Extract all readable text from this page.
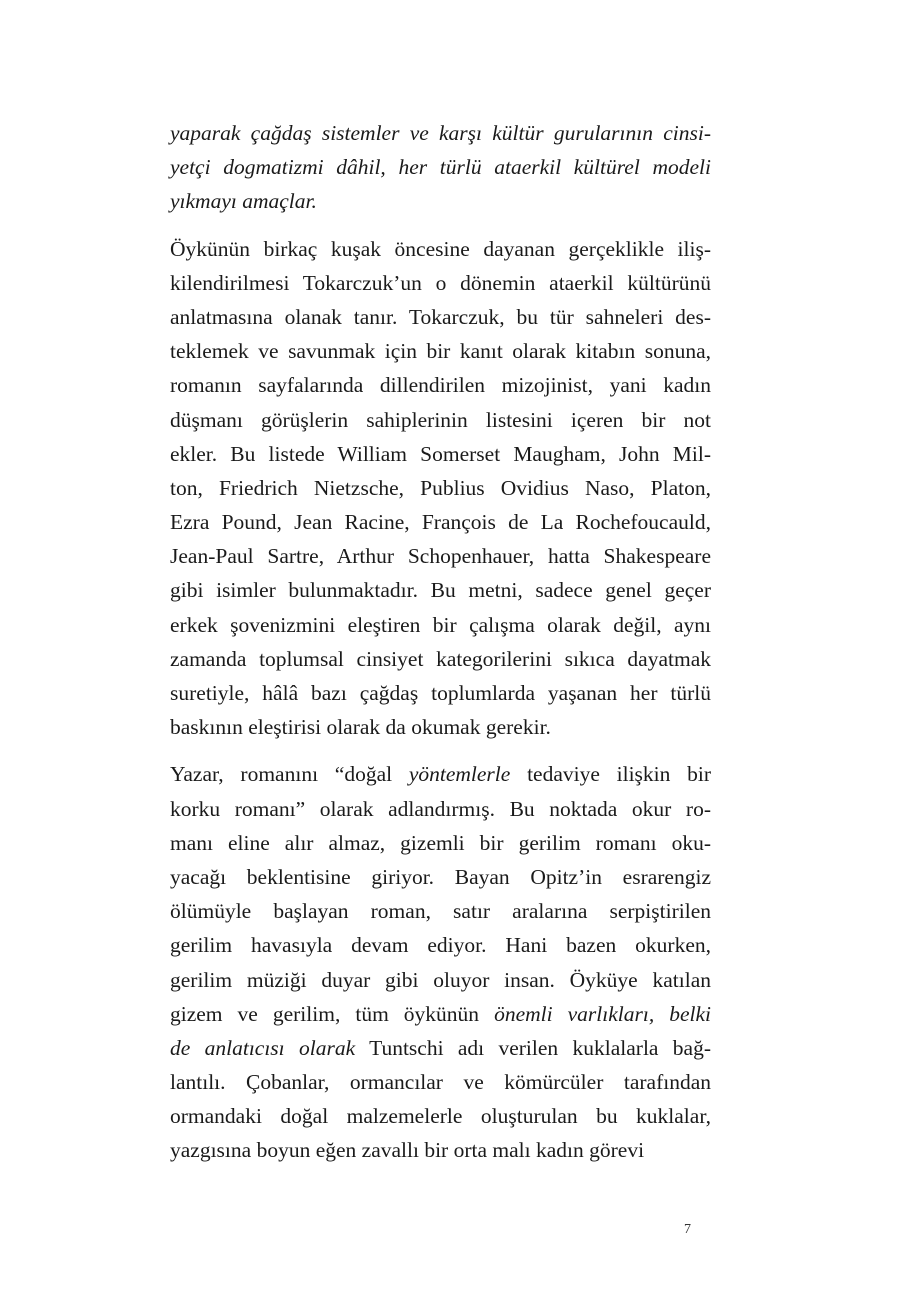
yaparak çağdaş sistemler ve karşı kültür gurularının cinsi-
yetçi dogmatizmi dâhil, her türlü ataerkil kültürel modeli
yıkmayı amaçlar.
Öykünün birkaç kuşak öncesine dayanan gerçeklikle iliş-
kilendirilmesi Tokarczuk’un o dönemin ataerkil kültürünü
anlatmasına olanak tanır. Tokarczuk, bu tür sahneleri des-
teklemek ve savunmak için bir kanıt olarak kitabın sonuna,
romanın sayfalarında dillendirilen mizojinist, yani kadın
düşmanı görüşlerin sahiplerinin listesini içeren bir not
ekler. Bu listede William Somerset Maugham, John Mil-
ton, Friedrich Nietzsche, Publius Ovidius Naso, Platon,
Ezra Pound, Jean Racine, François de La Rochefoucauld,
Jean-Paul Sartre, Arthur Schopenhauer, hatta Shakespeare
gibi isimler bulunmaktadır. Bu metni, sadece genel geçer
erkek şovenizmini eleştiren bir çalışma olarak değil, aynı
zamanda toplumsal cinsiyet kategorilerini sıkıca dayatmak
suretiyle, hâlâ bazı çağdaş toplumlarda yaşanan her türlü
baskının eleştirisi olarak da okumak gerekir.
Yazar, romanını “doğal yöntemlerle tedaviye ilişkin bir
korku romanı” olarak adlandırmış. Bu noktada okur ro-
manı eline alır almaz, gizemli bir gerilim romanı oku-
yacağı beklentisine giriyor. Bayan Opitz’in esrarengiz
ölümüyle başlayan roman, satır aralarına serpiştirilen
gerilim havasıyla devam ediyor. Hani bazen okurken,
gerilim müziği duyar gibi oluyor insan. Öyküye katılan
gizem ve gerilim, tüm öykünün önemli varlıkları, belki
de anlatıcısı olarak Tuntschi adı verilen kuklalarla bağ-
lantılı. Çobanlar, ormancılar ve kömürcüler tarafından
ormandaki doğal malzemelerle oluşturulan bu kuklalar,
yazgısına boyun eğen zavallı bir orta malı kadın görevi
7
